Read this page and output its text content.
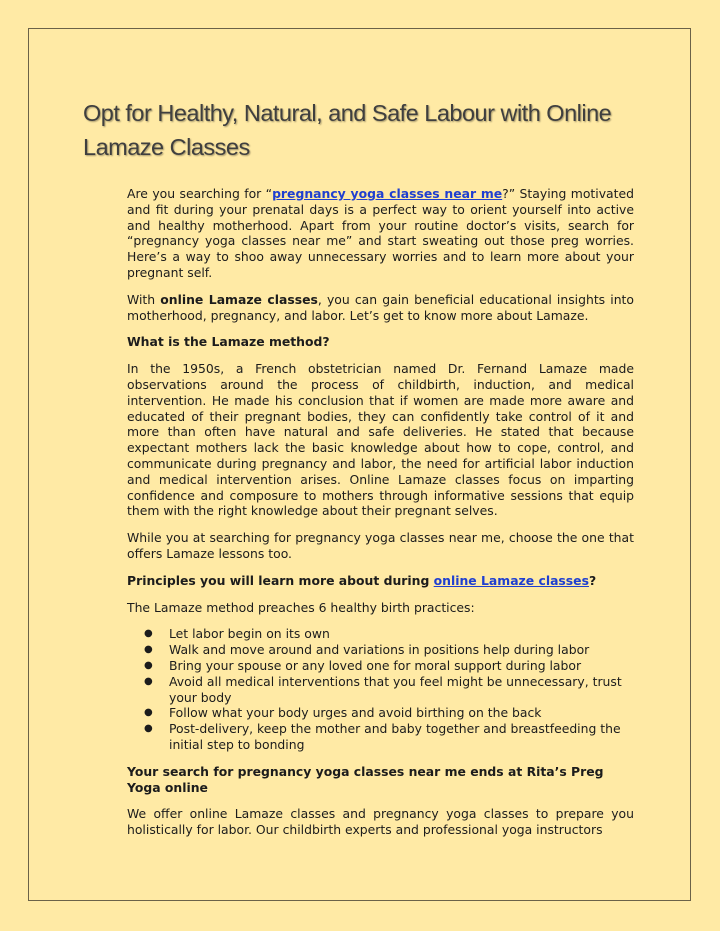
Opt for Healthy, Natural, and Safe Labour with Online Lamaze Classes

Are you searching for “pregnancy yoga classes near me?” Staying motivated and fit during your prenatal days is a perfect way to orient yourself into active and healthy motherhood. Apart from your routine doctor’s visits, search for “pregnancy yoga classes near me” and start sweating out those preg worries. Here’s a way to shoo away unnecessary worries and to learn more about your pregnant self.

With online Lamaze classes, you can gain beneficial educational insights into motherhood, pregnancy, and labor. Let’s get to know more about Lamaze.

What is the Lamaze method?

In the 1950s, a French obstetrician named Dr. Fernand Lamaze made observations around the process of childbirth, induction, and medical intervention. He made his conclusion that if women are made more aware and educated of their pregnant bodies, they can confidently take control of it and more than often have natural and safe deliveries. He stated that because expectant mothers lack the basic knowledge about how to cope, control, and communicate during pregnancy and labor, the need for artificial labor induction and medical intervention arises. Online Lamaze classes focus on imparting confidence and composure to mothers through informative sessions that equip them with the right knowledge about their pregnant selves.

While you at searching for pregnancy yoga classes near me, choose the one that offers Lamaze lessons too.

Principles you will learn more about during online Lamaze classes?

The Lamaze method preaches 6 healthy birth practices:

● Let labor begin on its own
● Walk and move around and variations in positions help during labor
● Bring your spouse or any loved one for moral support during labor
● Avoid all medical interventions that you feel might be unnecessary, trust your body
● Follow what your body urges and avoid birthing on the back
● Post-delivery, keep the mother and baby together and breastfeeding the initial step to bonding

Your search for pregnancy yoga classes near me ends at Rita’s Preg Yoga online

We offer online Lamaze classes and pregnancy yoga classes to prepare you holistically for labor. Our childbirth experts and professional yoga instructors
